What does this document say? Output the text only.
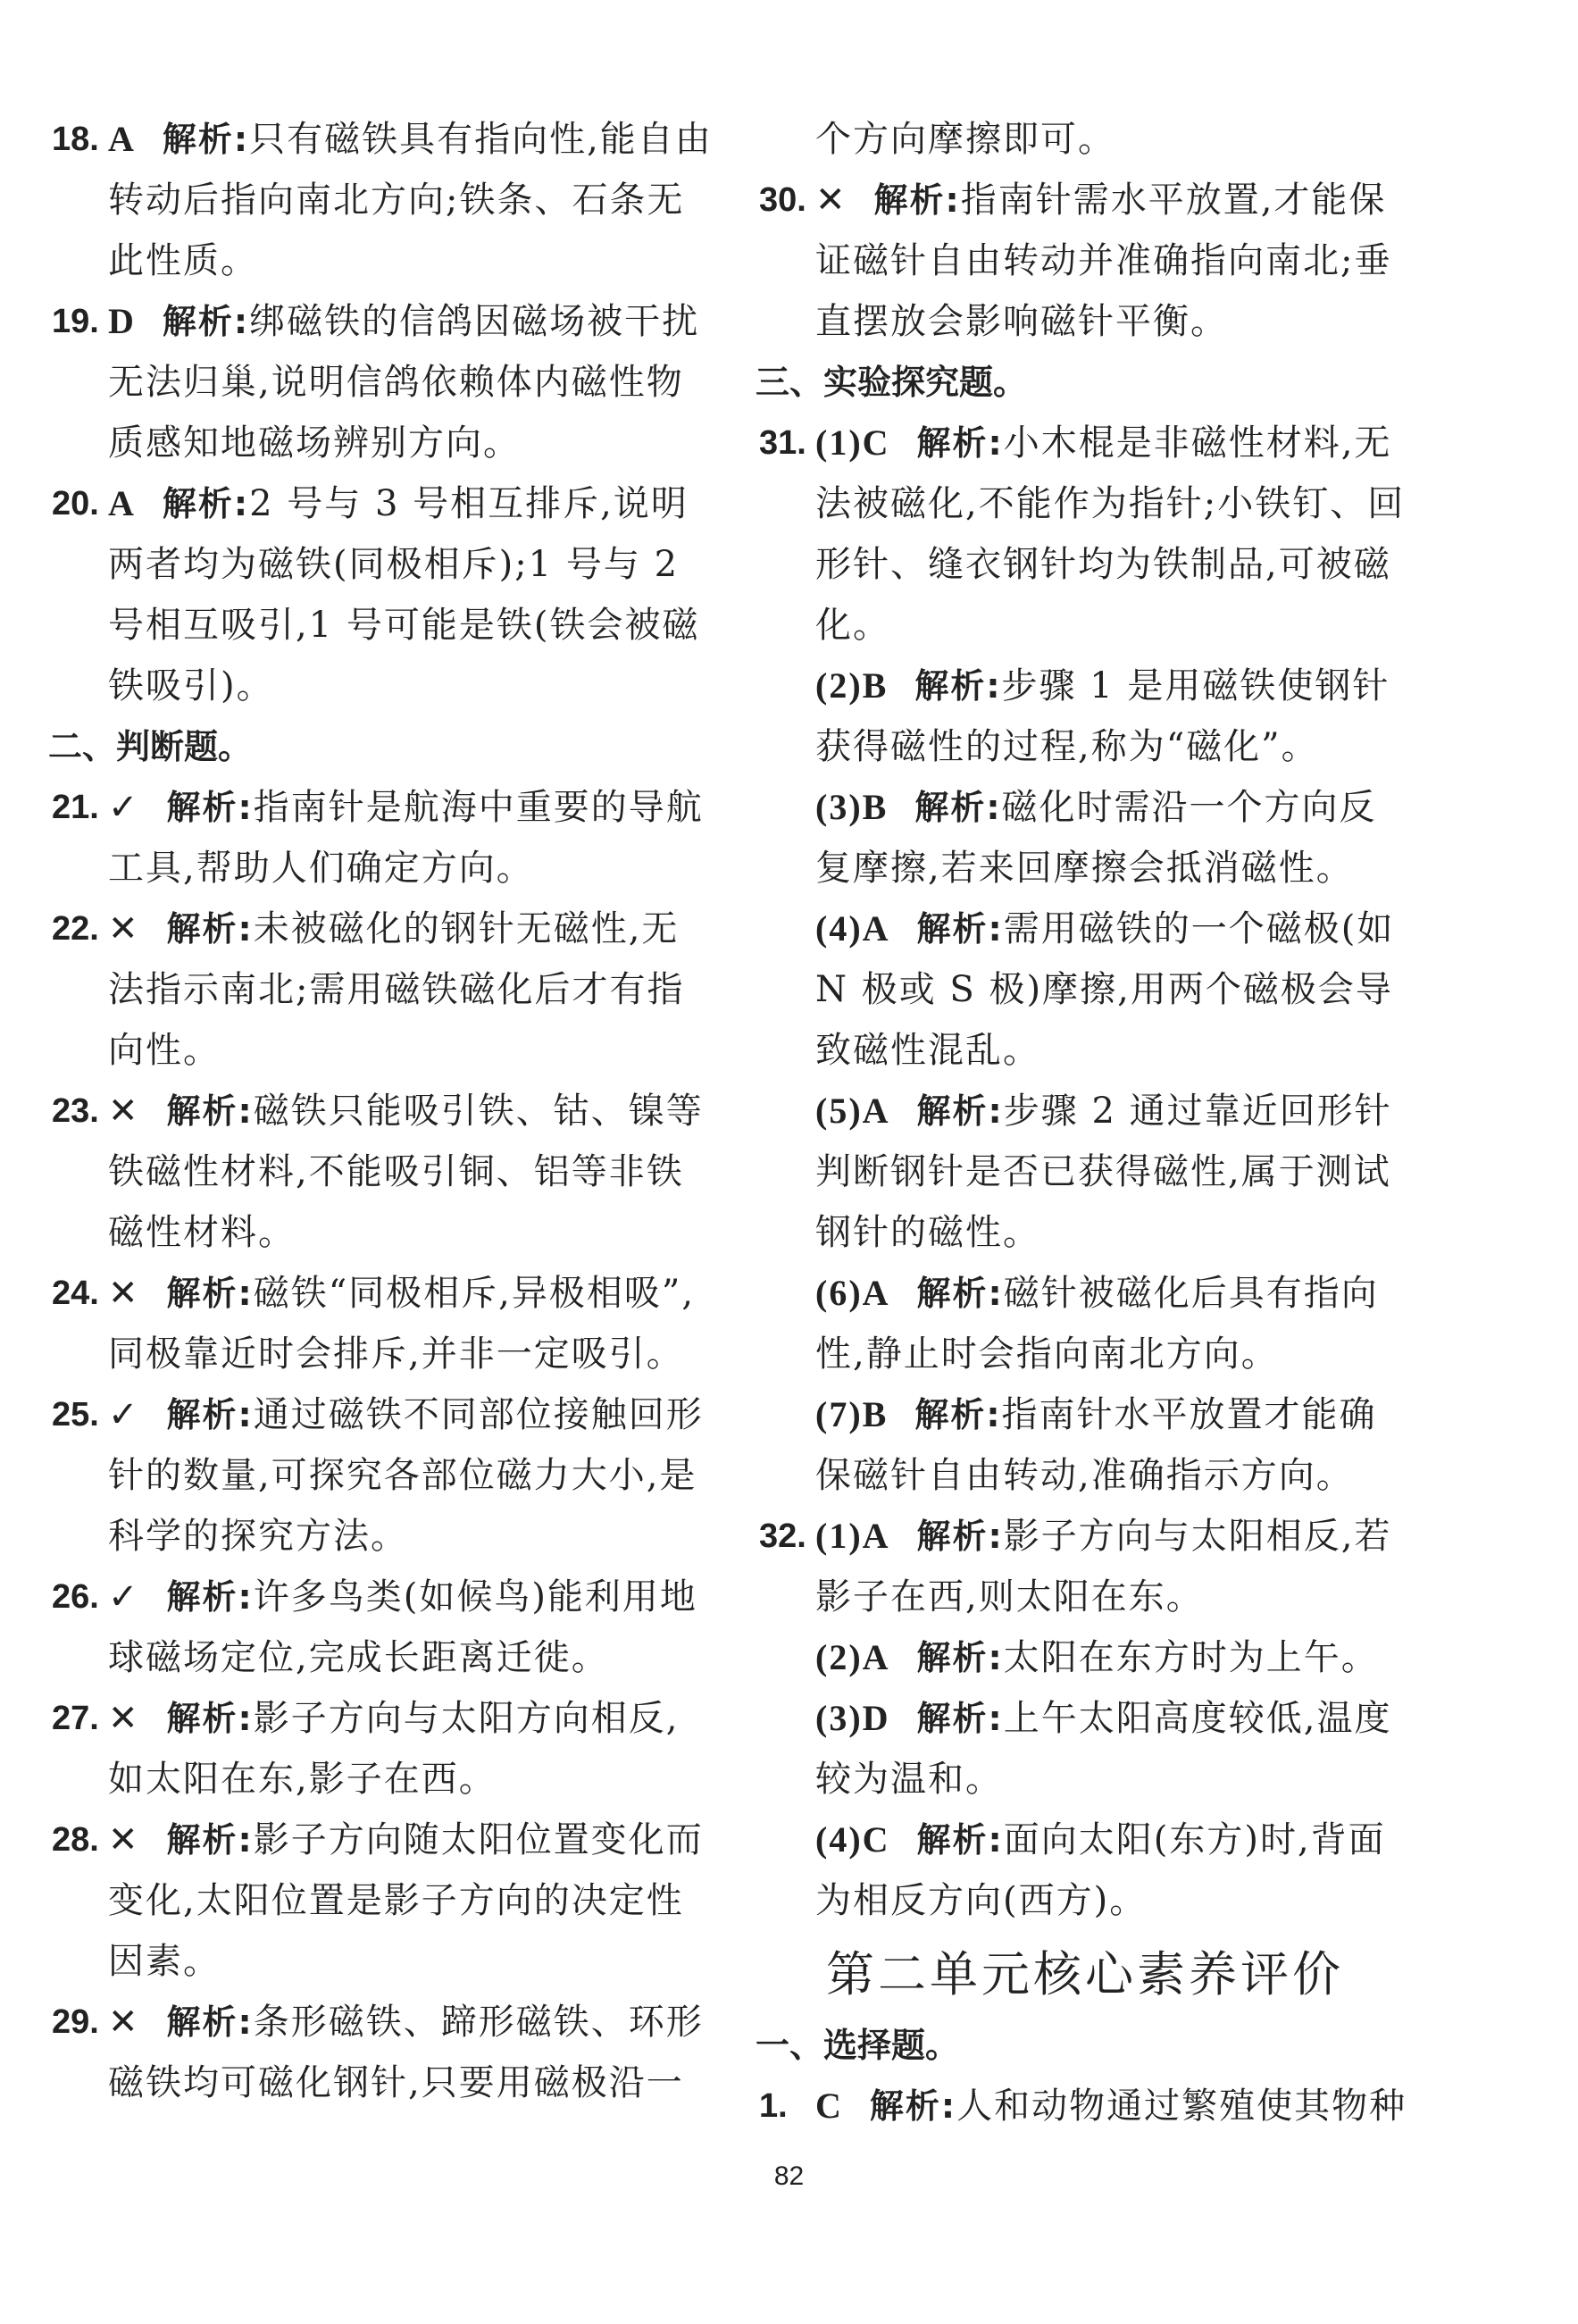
18. A 解析:只有磁铁具有指向性,能自由转动后指向南北方向;铁条、石条无此性质。
19. D 解析:绑磁铁的信鸽因磁场被干扰无法归巢,说明信鸽依赖体内磁性物质感知地磁场辨别方向。
20. A 解析:2 号与 3 号相互排斥,说明两者均为磁铁(同极相斥);1 号与 2 号相互吸引,1 号可能是铁(铁会被磁铁吸引)。
二、判断题。
21. ✓ 解析:指南针是航海中重要的导航工具,帮助人们确定方向。
22. ✕ 解析:未被磁化的钢针无磁性,无法指示南北;需用磁铁磁化后才有指向性。
23. ✕ 解析:磁铁只能吸引铁、钴、镍等铁磁性材料,不能吸引铜、铝等非铁磁性材料。
24. ✕ 解析:磁铁“同极相斥,异极相吸”,同极靠近时会排斥,并非一定吸引。
25. ✓ 解析:通过磁铁不同部位接触回形针的数量,可探究各部位磁力大小,是科学的探究方法。
26. ✓ 解析:许多鸟类(如候鸟)能利用地球磁场定位,完成长距离迁徙。
27. ✕ 解析:影子方向与太阳方向相反,如太阳在东,影子在西。
28. ✕ 解析:影子方向随太阳位置变化而变化,太阳位置是影子方向的决定性因素。
29. ✕ 解析:条形磁铁、蹄形磁铁、环形磁铁均可磁化钢针,只要用磁极沿一
个方向摩擦即可。
30. ✕ 解析:指南针需水平放置,才能保证磁针自由转动并准确指向南北;垂直摆放会影响磁针平衡。
三、实验探究题。
31. (1)C 解析:小木棍是非磁性材料,无法被磁化,不能作为指针;小铁钉、回形针、缝衣钢针均为铁制品,可被磁化。
(2)B 解析:步骤 1 是用磁铁使钢针获得磁性的过程,称为“磁化”。
(3)B 解析:磁化时需沿一个方向反复摩擦,若来回摩擦会抵消磁性。
(4)A 解析:需用磁铁的一个磁极(如 N 极或 S 极)摩擦,用两个磁极会导致磁性混乱。
(5)A 解析:步骤 2 通过靠近回形针判断钢针是否已获得磁性,属于测试钢针的磁性。
(6)A 解析:磁针被磁化后具有指向性,静止时会指向南北方向。
(7)B 解析:指南针水平放置才能确保磁针自由转动,准确指示方向。
32. (1)A 解析:影子方向与太阳相反,若影子在西,则太阳在东。
(2)A 解析:太阳在东方时为上午。
(3)D 解析:上午太阳高度较低,温度较为温和。
(4)C 解析:面向太阳(东方)时,背面为相反方向(西方)。
第二单元核心素养评价
一、选择题。
1. C 解析:人和动物通过繁殖使其物种
82
